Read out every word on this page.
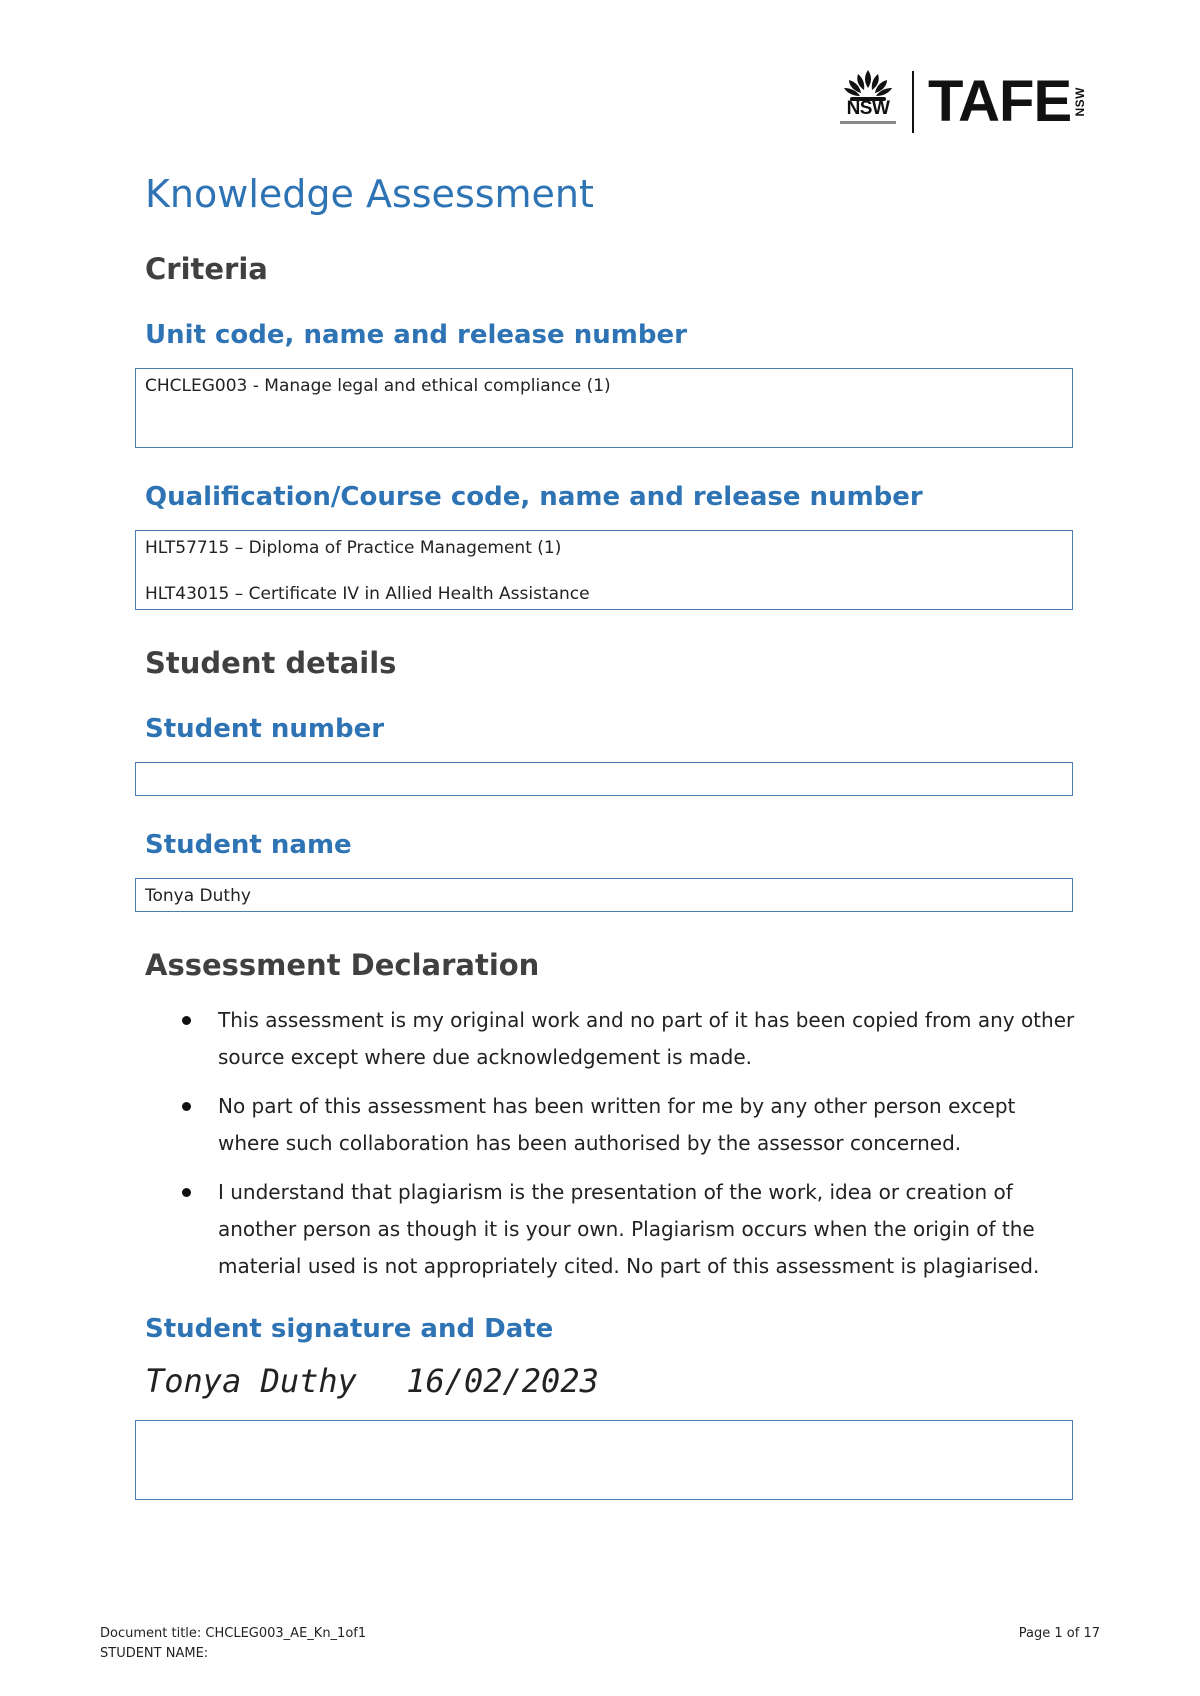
NSW TAFE NSW
Knowledge Assessment
Criteria
Unit code, name and release number

CHCLEG003 - Manage legal and ethical compliance (1)

Qualification/Course code, name and release number

HLT57715 – Diploma of Practice Management (1)

HLT43015 – Certificate IV in Allied Health Assistance

Student details
Student number

Student name

Tonya Duthy

Assessment Declaration
This assessment is my original work and no part of it has been copied from any other source except where due acknowledgement is made.
No part of this assessment has been written for me by any other person except where such collaboration has been authorised by the assessor concerned.
I understand that plagiarism is the presentation of the work, idea or creation of another person as though it is your own. Plagiarism occurs when the origin of the material used is not appropriately cited. No part of this assessment is plagiarised.
Student signature and Date
Tonya Duthy 16/02/2023

Document title: CHCLEG003_AE_Kn_1of1	Page 1 of 17
STUDENT NAME:
